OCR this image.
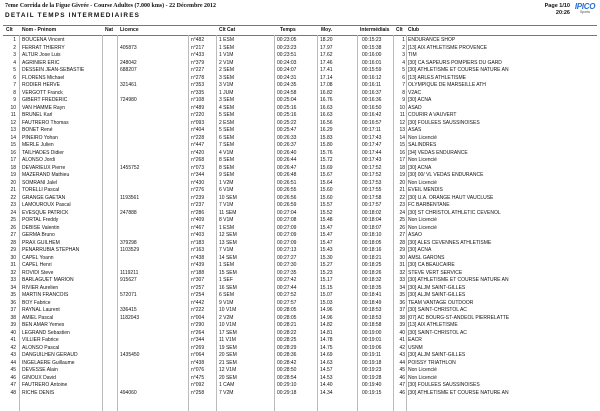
7eme Corrida de la Figue Givrée - Course Adultes (7.000 kms) - 22 Décembre 2012
DETAIL TEMPS INTERMEDIAIRES
Page 1/10
20:26
IPICO
Sports
Clt Nom - Prénom	Nat Licence	Clt Cat	Temps	Moy.	Intermédiais Clt Club
1 BOUCENA Vincent	n°482	1 ESM	00:23:05	18.20	00:15:23	1 ENDURANCE SHOP
2 FERRAT THIERRY	405873	n°217	1 SEM	00:23:23	17.97	00:15:38	2 [13] AIX ATHLETISME PROVENCE
3 ALTUR Jose Luis	n°433	1 V1M	00:23:51	17.62	00:16:00	3 TIM
4 AGRINIER ERIC	248042	n°379	2 V1M	00:24:03	17.46	00:16:01	4 [30] CA SAPEURS POMPIERS DU GARD
5 DESSEIN JEAN-SEBASTIE	688207	n°227	2 SEM	00:24:07	17.41	00:15:59	5 [30] ATHLETISME ET COURSE NATURE AN
6 FLORENS Michael	n°278	3 SEM	00:24:31	17.14	00:16:12	6 [13] ARLES ATHLETISME
7 RODIER HERVE	321461	n°353	3 V1M	00:24:35	17.08	00:16:11	7 OLYMPIQUE DE MARSEILLE ATH
8 VERGOTT Franck	n°335	1 JUM	00:24:58	16.82	00:16:37	8 V2AC
9 GIBERT FREDERIC	724980	n°108	3 SEM	00:25:04	16.76	00:16:36	9 [30] ACNA
10 VAN HAMME Rayn	n°489	4 SEM	00:25:16	16.63	00:16:50	10 ASAD
11 BRUNEL Karl	n°220	5 SEM	00:25:16	16.63	00:16:42	11 COURIR A VAUVERT
12 FAUTRERO Thomas	n°093	2 ESM	00:25:22	16.56	00:16:57	12 [30] FOULEES SAUSSINOISES
13 BONET René	n°404	5 SEM	00:25:47	16.29	00:17:11	13 ASAS
14 PINEIRO Yohan	n°228	6 SEM	00:26:33	15.83	00:17:43	14 Non Licencié
15 MERLE Julien	n°447	7 SEM	00:26:37	15.80	00:17:47	15 SALINDRES
16 TAILHADES Didier	n°420	4 V1M	00:26:40	15.76	00:17:44	16 [34] VEDAS ENDURANCE
17 ALONSO Jordi	n°268	8 SEM	00:26:44	15.72	00:17:43	17 Non Licencié
18 DEVARIEUX Pierre	1455752	n°073	8 SEM	00:26:47	15.69	00:17:52	18 [30] ACNA
19 MAZERAND Mathieu	n°344	9 SEM	00:26:48	15.67	00:17:52	19 [30] 00/ VL VEDAS ENDURANCE
20 SOMRANI Jalel	n°430	1 V2M	00:26:51	15.64	00:17:53	20 Non Licencié
21 TORELLI Pascal	n°276	6 V1M	00:26:55	15.60	00:17:55	21 EVEIL MENDIS
22 GRANGE GAETAN	1193561	n°239	10 SEM	00:26:56	15.60	00:17:58	22 [30] U.A. ORANGE HAUT VAUCLUSE
23 LAMOUROUX Pascal	n°237	7 V1M	00:26:59	15.57	00:17:57	23 FC BARBENTANE
24 EVESQUE PATRICK	247888	n°286	11 SEM	00:27:04	15.52	00:18:02	24 [30] ST CHRISTOL ATHLETIC CEVENOL
25 PORTAL Freddy	n°409	8 V1M	00:27:08	15.48	00:18:04	25 Non Licencié
26 DEBISE Valentin	n°467	1 ESM	00:27:09	15.47	00:18:07	26 Non Licencié
27 GERMA Bruno	n°403	12 SEM	00:27:09	15.47	00:18:10	27 ASAO
28 PRAX GUILHEM	379298	n°183	13 SEM	00:27:09	15.47	00:18:05	28 [30] ALES CEVENNES ATHLETISME
29 PENARRUBIA STEPHAN	1103529	n°163	7 V1M	00:27:13	15.43	00:18:16	29 [30] ACNA
30 CAPEL Yoann	n°438	14 SEM	00:27:27	15.30	00:18:21	30 AMSL GARONS
31 CAPEL Henri	n°439	1 SEM	00:27:30	15.27	00:18:25	31 [30] CA BEAUCAIRE
32 ROVIDI Steve	1119211	n°188	15 SEM	00:27:35	15.23	00:18:26	32 STEVE VERT SERVICE
33 BARLAGUET MARION	915627	n°307	1 SEF	00:27:42	15.17	00:18:32	33 [30] ATHLETISME ET COURSE NATURE AN
34 RIVIER Aurelien	n°257	16 SEM	00:27:44	15.15	00:18:35	34 [30] ALJM SAINT-GILLES
35 MARTIN FRANCOIS	572071	n°254	6 SEM	00:27:52	15.07	00:18:41	35 [30] ALJM SAINT-GILLES
36 BOY Fabrice	n°442	9 V1M	00:27:57	15.03	00:18:49	36 TEAM VANTAGE OUTDOOR
37 RAYNAL Laurent	336415	n°222	10 V1M	00:28:05	14.96	00:18:53	37 [30] SAINT-CHRISTOL AC
38 AMIEL Pascal	1182043	n°004	2 V2M	00:28:05	14.96	00:18:53	38 [07] AC BOURG-ST-ANDEOL PIERRELATTE
39 BEN AMAR Yemes	n°290	10 V1M	00:28:21	14.82	00:18:58	39 [13] AIX ATHLETISME
40 LEGRAND Sebastien	n°264	17 SEM	00:28:22	14.81	00:19:00	40 [30] SAINT-CHRISTOL AC
41 VILLIER Fabrice	n°344	11 V1M	00:28:25	14.78	00:19:01	41 EACR
42 ALONSO Pascal	n°269	19 SEM	00:28:29	14.75	00:19:06	42 USNM
43 DANGUILHEN GERAUD	1435450	n°064	20 SEM	00:28:36	14.69	00:19:11	43 [30] ALJM SAINT-GILLES
44 INGELAERE Guillaume	n°438	21 SEM	00:28:42	14.63	00:19:18	44 POISSY TRIATHLON
45 DEVESSE Alain	n°076	12 V1M	00:28:50	14.57	00:19:23	45 Non Licencié
46 GINOUX David	n°475	20 SEM	00:28:54	14.53	00:19:28	46 Non Licencié
47 FAUTRERO Antoine	n°092	1 CAM	00:29:10	14.40	00:19:40	47 [30] FOULEES SAUSSINOISES
48 RICHE DENIS	494060	n°258	7 V2M	00:29:18	14.34	00:19:15	46 [30] ATHLETISME ET COURSE NATURE AN
